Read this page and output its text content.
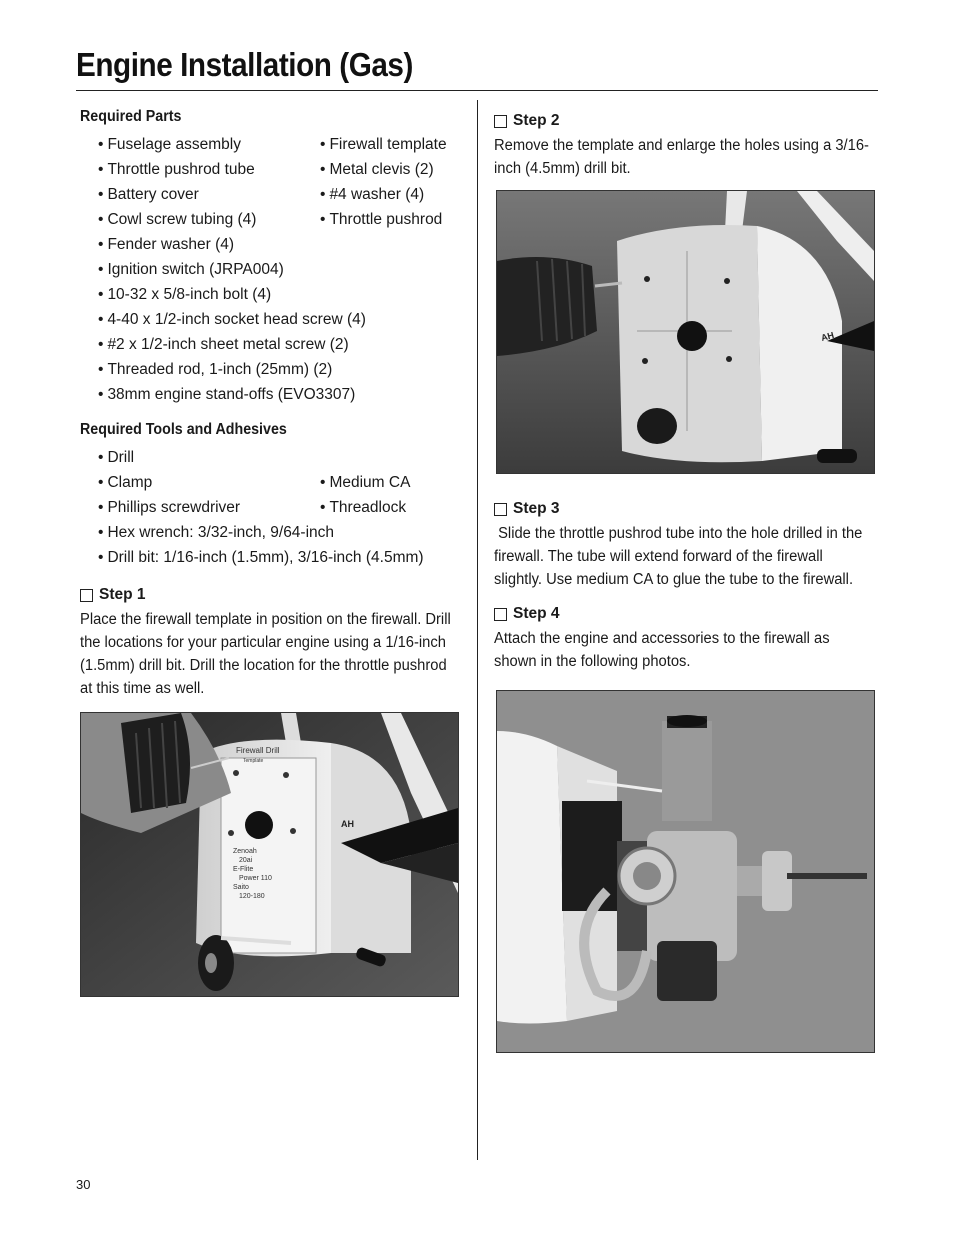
Engine Installation (Gas)
Required Parts
• Fuselage assembly	• Firewall template
• Throttle pushrod tube	• Metal clevis (2)
• Battery cover	• #4 washer (4)
• Cowl screw tubing (4)	• Throttle pushrod
• Fender washer (4)
• Ignition switch (JRPA004)
• 10-32 x 5/8-inch bolt (4)
• 4-40 x 1/2-inch socket head screw (4)
• #2 x 1/2-inch sheet metal screw (2)
• Threaded rod, 1-inch (25mm) (2)
• 38mm engine stand-offs (EVO3307)
Required Tools and Adhesives
• Drill
• Clamp	• Medium CA
• Phillips screwdriver	• Threadlock
• Hex wrench: 3/32-inch, 9/64-inch
• Drill bit: 1/16-inch (1.5mm), 3/16-inch (4.5mm)
Step 1

Place the firewall template in position on the firewall. Drill the locations for your particular engine using a 1/16-inch (1.5mm) drill bit. Drill the location for the throttle pushrod at this time as well.

Firewall Drill
Template
Zenoah
20ai
E-Flite
Power 110
Saito
120-180
AH
Step 2

Remove the template and enlarge the holes using a 3/16-inch (4.5mm) drill bit.

AH
Step 3

Slide the throttle pushrod tube into the hole drilled in the firewall. The tube will extend forward of the firewall slightly. Use medium CA to glue the tube to the firewall.

Step 4

Attach the engine and accessories to the firewall as shown in the following photos.

30
